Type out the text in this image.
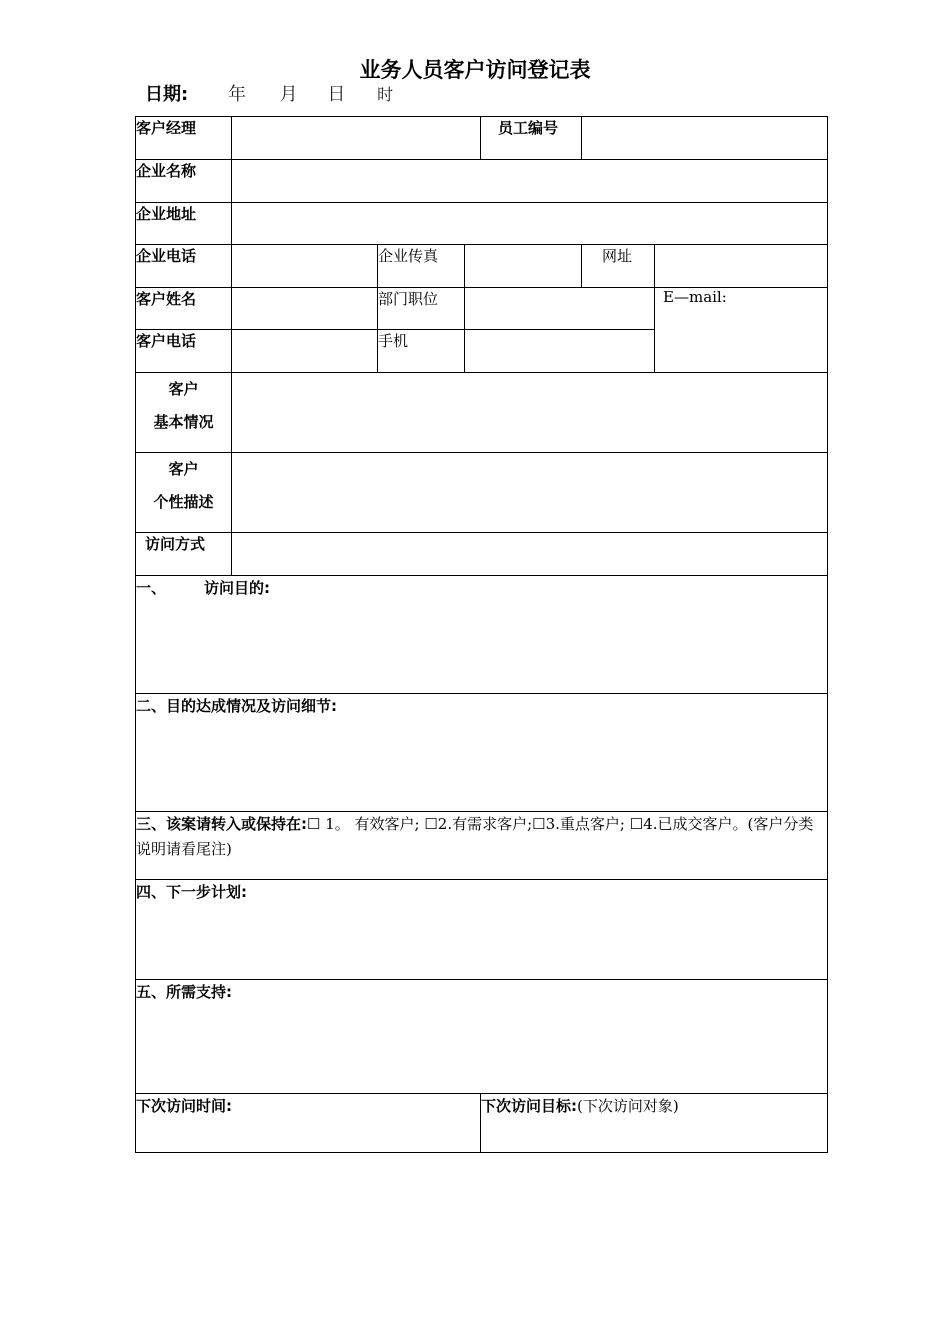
业务人员客户访问登记表
日期: 年 月 日 时
客户经理				员工编号		
企业名称						
企业地址						
企业电话		企业传真			网址	
客户姓名		部门职位				E—mail:
客户电话		手机				

客户
基本情况						

客户
个性描述						

访问方式						
一、 访问目的:						
二、目的达成情况及访问细节:						
三、该案请转入或保持在:☐ 1。 有效客户; ☐2.有需求客户;☐3.重点客户; ☐4.已成交客户。(客户分类说明请看尾注)						
四、下一步计划:						
五、所需支持:						
下次访问时间:				下次访问目标:(下次访问对象)		
